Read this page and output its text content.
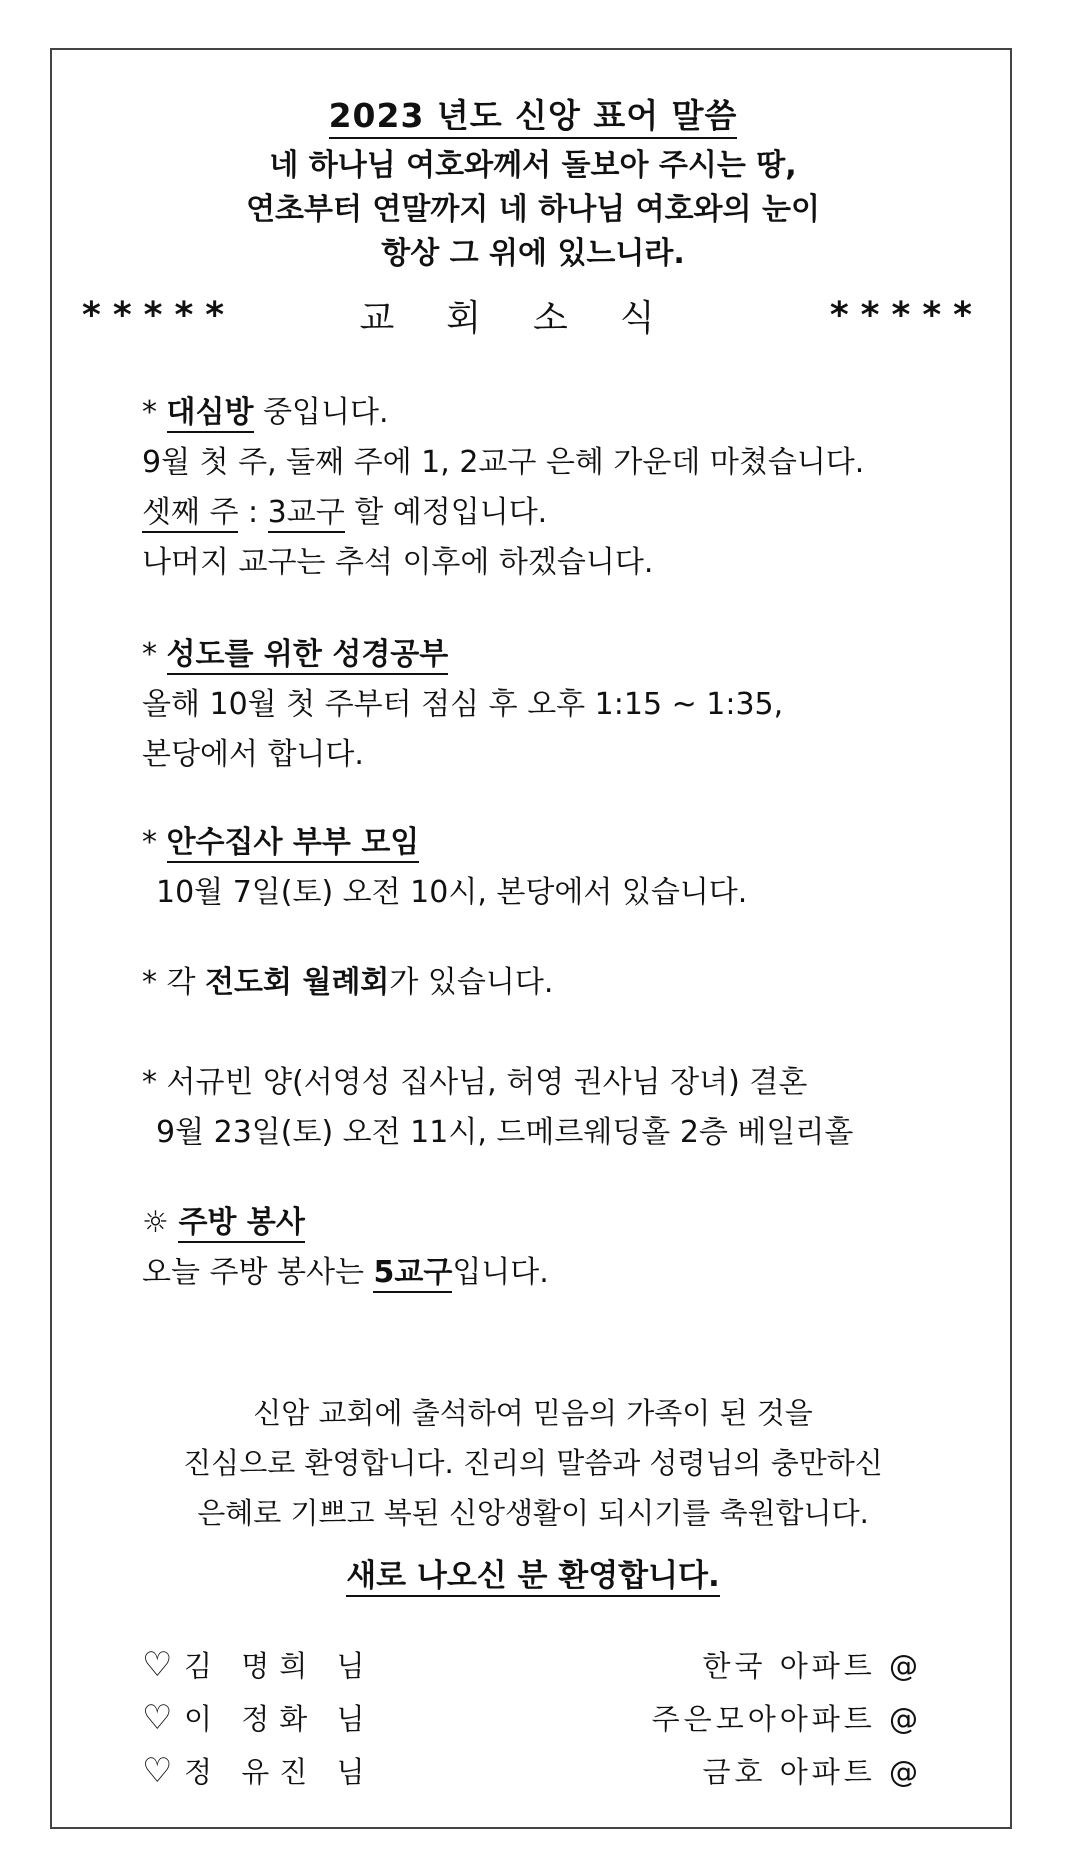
2023 년도 신앙 표어 말씀
네 하나님 여호와께서 돌보아 주시는 땅,
연초부터 연말까지 네 하나님 여호와의 눈이
항상 그 위에 있느니라.
*****	교회소식	*****
* 대심방 중입니다.
9월 첫 주, 둘째 주에 1, 2교구 은혜 가운데 마쳤습니다.
셋째 주 : 3교구 할 예정입니다.
나머지 교구는 추석 이후에 하겠습니다.
* 성도를 위한 성경공부
올해 10월 첫 주부터 점심 후 오후 1:15 ~ 1:35,
본당에서 합니다.
* 안수집사 부부 모임
10월 7일(토) 오전 10시, 본당에서 있습니다.
* 각 전도회 월례회가 있습니다.
* 서규빈 양(서영성 집사님, 허영 권사님 장녀) 결혼
9월 23일(토) 오전 11시, 드메르웨딩홀 2층 베일리홀
☼ 주방 봉사
오늘 주방 봉사는 5교구입니다.
신암 교회에 출석하여 믿음의 가족이 된 것을
진심으로 환영합니다. 진리의 말씀과 성령님의 충만하신
은혜로 기쁘고 복된 신앙생활이 되시기를 축원합니다.
새로 나오신 분 환영합니다.
♡ 김 명희 님	한국 아파트 @
♡ 이 정화 님	주은모아아파트 @
♡ 정 유진 님	금호 아파트 @
